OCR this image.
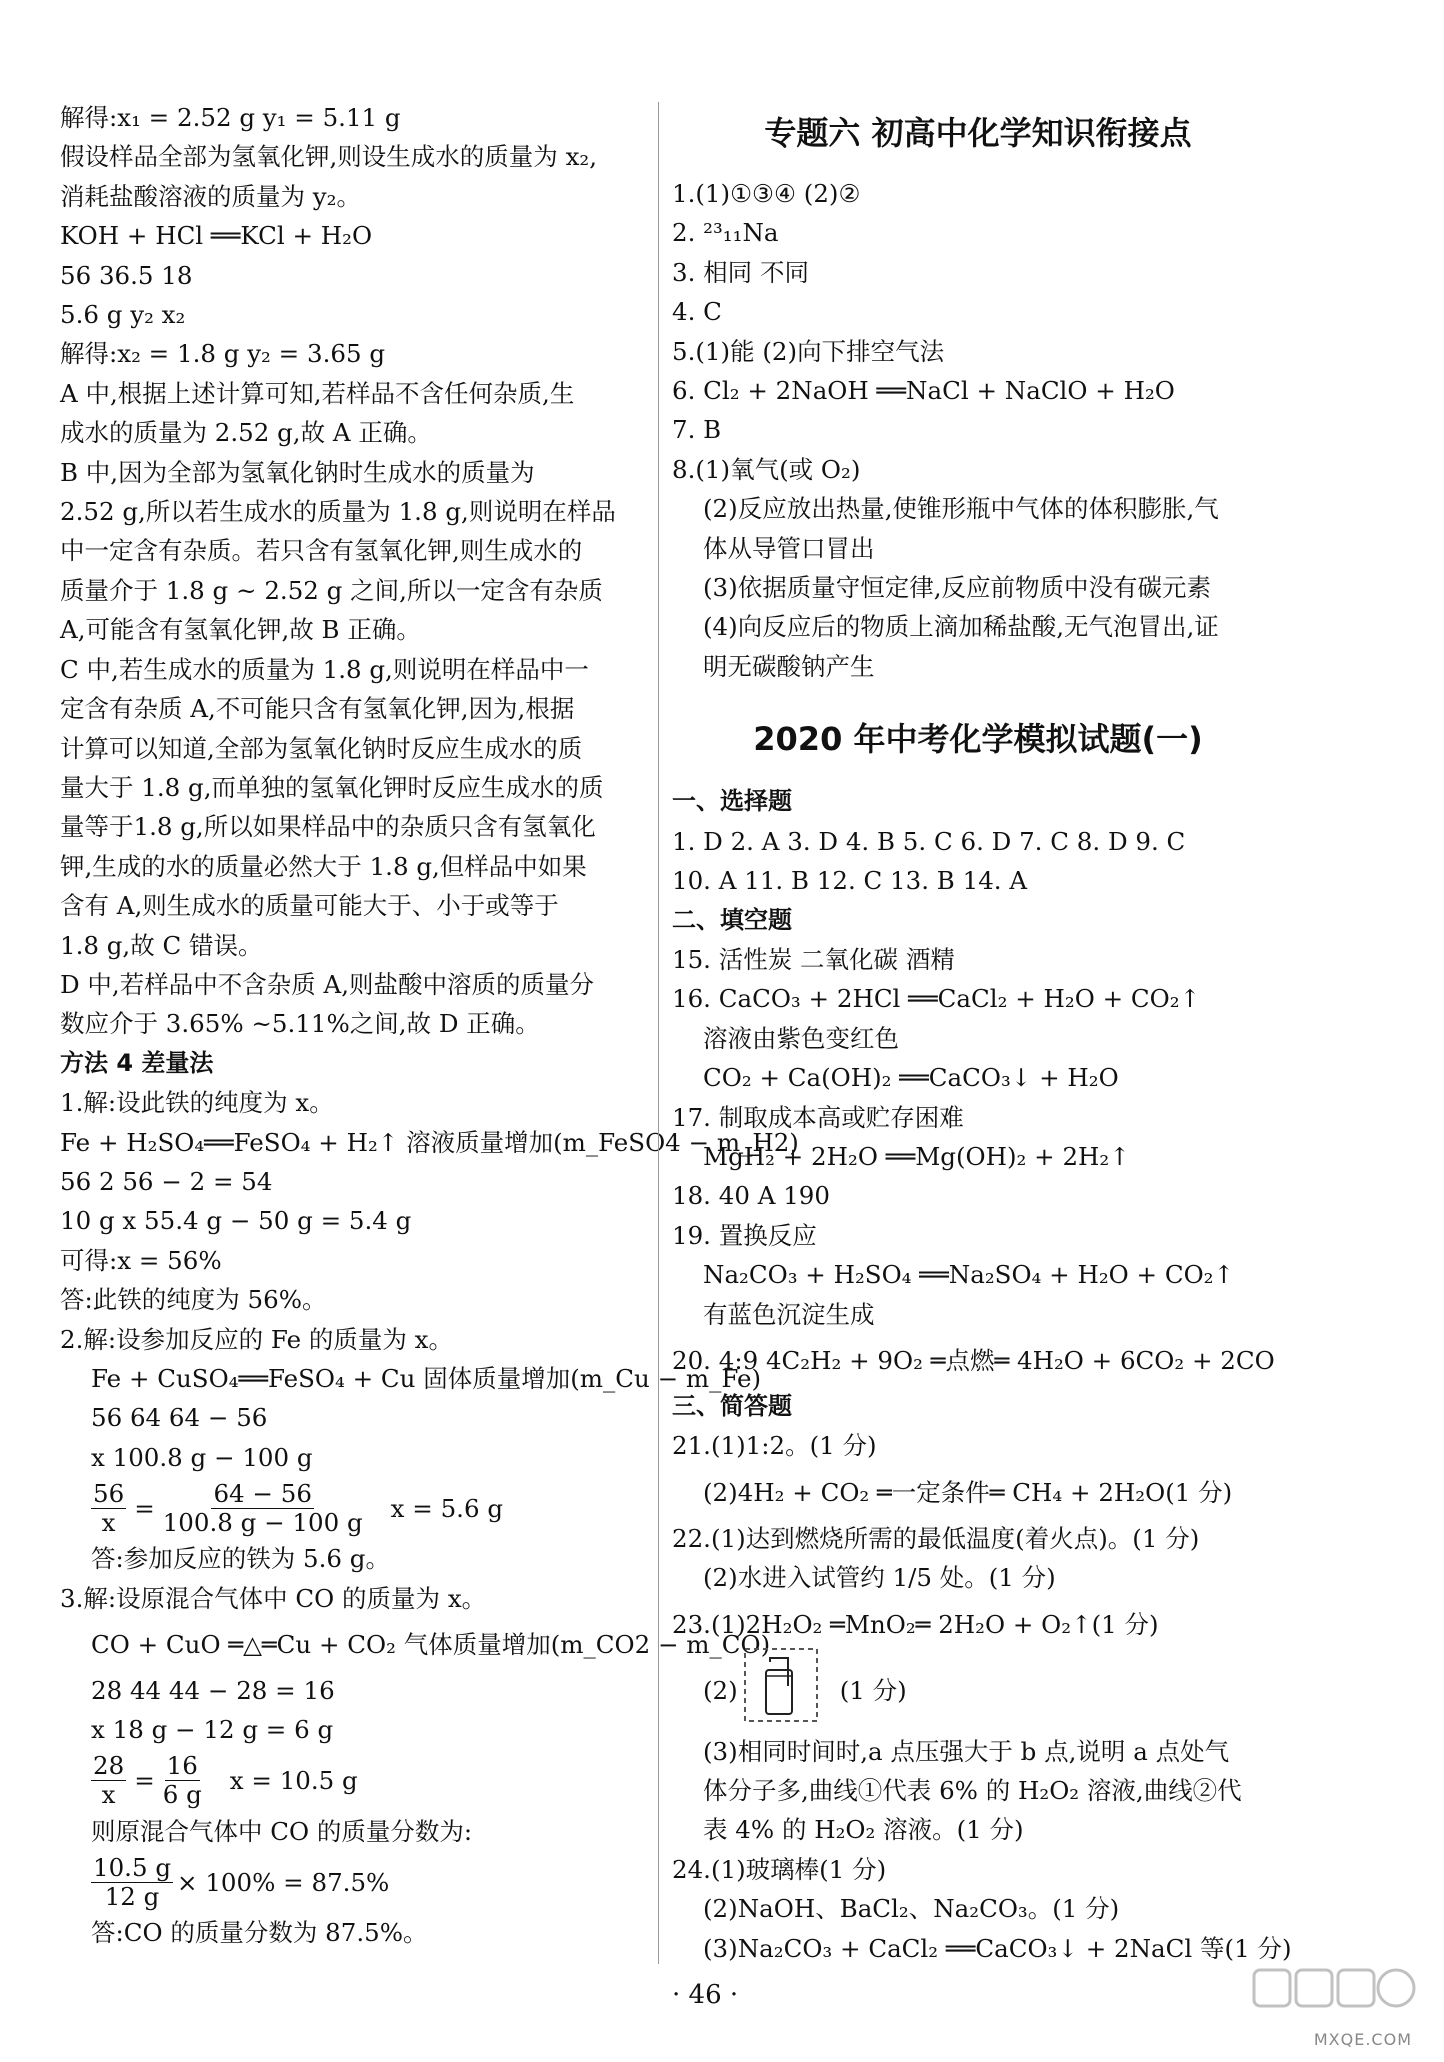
解得:x₁ = 2.52 g y₁ = 5.11 g
假设样品全部为氢氧化钾,则设生成水的质量为 x₂,
消耗盐酸溶液的质量为 y₂。
KOH + HCl ══KCl + H₂O
56 36.5 18
5.6 g y₂ x₂
解得:x₂ = 1.8 g y₂ = 3.65 g
A 中,根据上述计算可知,若样品不含任何杂质,生
成水的质量为 2.52 g,故 A 正确。
B 中,因为全部为氢氧化钠时生成水的质量为
2.52 g,所以若生成水的质量为 1.8 g,则说明在样品
中一定含有杂质。若只含有氢氧化钾,则生成水的
质量介于 1.8 g ~ 2.52 g 之间,所以一定含有杂质
A,可能含有氢氧化钾,故 B 正确。
C 中,若生成水的质量为 1.8 g,则说明在样品中一
定含有杂质 A,不可能只含有氢氧化钾,因为,根据
计算可以知道,全部为氢氧化钠时反应生成水的质
量大于 1.8 g,而单独的氢氧化钾时反应生成水的质
量等于1.8 g,所以如果样品中的杂质只含有氢氧化
钾,生成的水的质量必然大于 1.8 g,但样品中如果
含有 A,则生成水的质量可能大于、小于或等于
1.8 g,故 C 错误。
D 中,若样品中不含杂质 A,则盐酸中溶质的质量分
数应介于 3.65% ~5.11%之间,故 D 正确。
方法 4 差量法
1.解:设此铁的纯度为 x。
Fe + H₂SO₄══FeSO₄ + H₂↑ 溶液质量增加(m_FeSO4 − m_H2)
56 2 56 − 2 = 54
10 g x 55.4 g − 50 g = 5.4 g
可得:x = 56%
答:此铁的纯度为 56%。
2.解:设参加反应的 Fe 的质量为 x。
Fe + CuSO₄══FeSO₄ + Cu 固体质量增加(m_Cu − m_Fe)
56 64 64 − 56
x 100.8 g − 100 g
$\frac{56}{x} = \frac{64 - 56}{100.8 g - 100 g}$ x = 5.6 g
答:参加反应的铁为 5.6 g。
3.解:设原混合气体中 CO 的质量为 x。
CO + CuO ═△═Cu + CO₂ 气体质量增加(m_CO2 − m_CO)
28 44 44 − 28 = 16
x 18 g − 12 g = 6 g
$\frac{28}{x} = \frac{16}{6 g}$ x = 10.5 g
则原混合气体中 CO 的质量分数为:
$\frac{10.5 g}{12 g} \times 100\% = 87.5\%$
答:CO 的质量分数为 87.5%。
专题六 初高中化学知识衔接点
1.(1)①③④ (2)②
2. ²³₁₁Na
3. 相同 不同
4. C
5.(1)能 (2)向下排空气法
6. Cl₂ + 2NaOH ══NaCl + NaClO + H₂O
7. B
8.(1)氧气(或 O₂)
(2)反应放出热量,使锥形瓶中气体的体积膨胀,气
体从导管口冒出
(3)依据质量守恒定律,反应前物质中没有碳元素
(4)向反应后的物质上滴加稀盐酸,无气泡冒出,证
明无碳酸钠产生
2020 年中考化学模拟试题(一)
一、选择题
1. D 2. A 3. D 4. B 5. C 6. D 7. C 8. D 9. C
10. A 11. B 12. C 13. B 14. A
二、填空题
15. 活性炭 二氧化碳 酒精
16. CaCO₃ + 2HCl ══CaCl₂ + H₂O + CO₂↑
溶液由紫色变红色
CO₂ + Ca(OH)₂ ══CaCO₃↓ + H₂O
17. 制取成本高或贮存困难
MgH₂ + 2H₂O ══Mg(OH)₂ + 2H₂↑
18. 40 A 190
19. 置换反应
Na₂CO₃ + H₂SO₄ ══Na₂SO₄ + H₂O + CO₂↑
有蓝色沉淀生成
20. 4:9 4C₂H₂ + 9O₂ ═点燃═ 4H₂O + 6CO₂ + 2CO
三、简答题
21.(1)1:2。(1 分)
(2)4H₂ + CO₂ ═一定条件═ CH₄ + 2H₂O(1 分)
22.(1)达到燃烧所需的最低温度(着火点)。(1 分)
(2)水进入试管约 1/5 处。(1 分)
23.(1)2H₂O₂ ═MnO₂═ 2H₂O + O₂↑(1 分)
(2)	(1 分)
(3)相同时间时,a 点压强大于 b 点,说明 a 点处气
体分子多,曲线①代表 6% 的 H₂O₂ 溶液,曲线②代
表 4% 的 H₂O₂ 溶液。(1 分)
24.(1)玻璃棒(1 分)
(2)NaOH、BaCl₂、Na₂CO₃。(1 分)
(3)Na₂CO₃ + CaCl₂ ══CaCO₃↓ + 2NaCl 等(1 分)
· 46 ·
MXQE.COM
